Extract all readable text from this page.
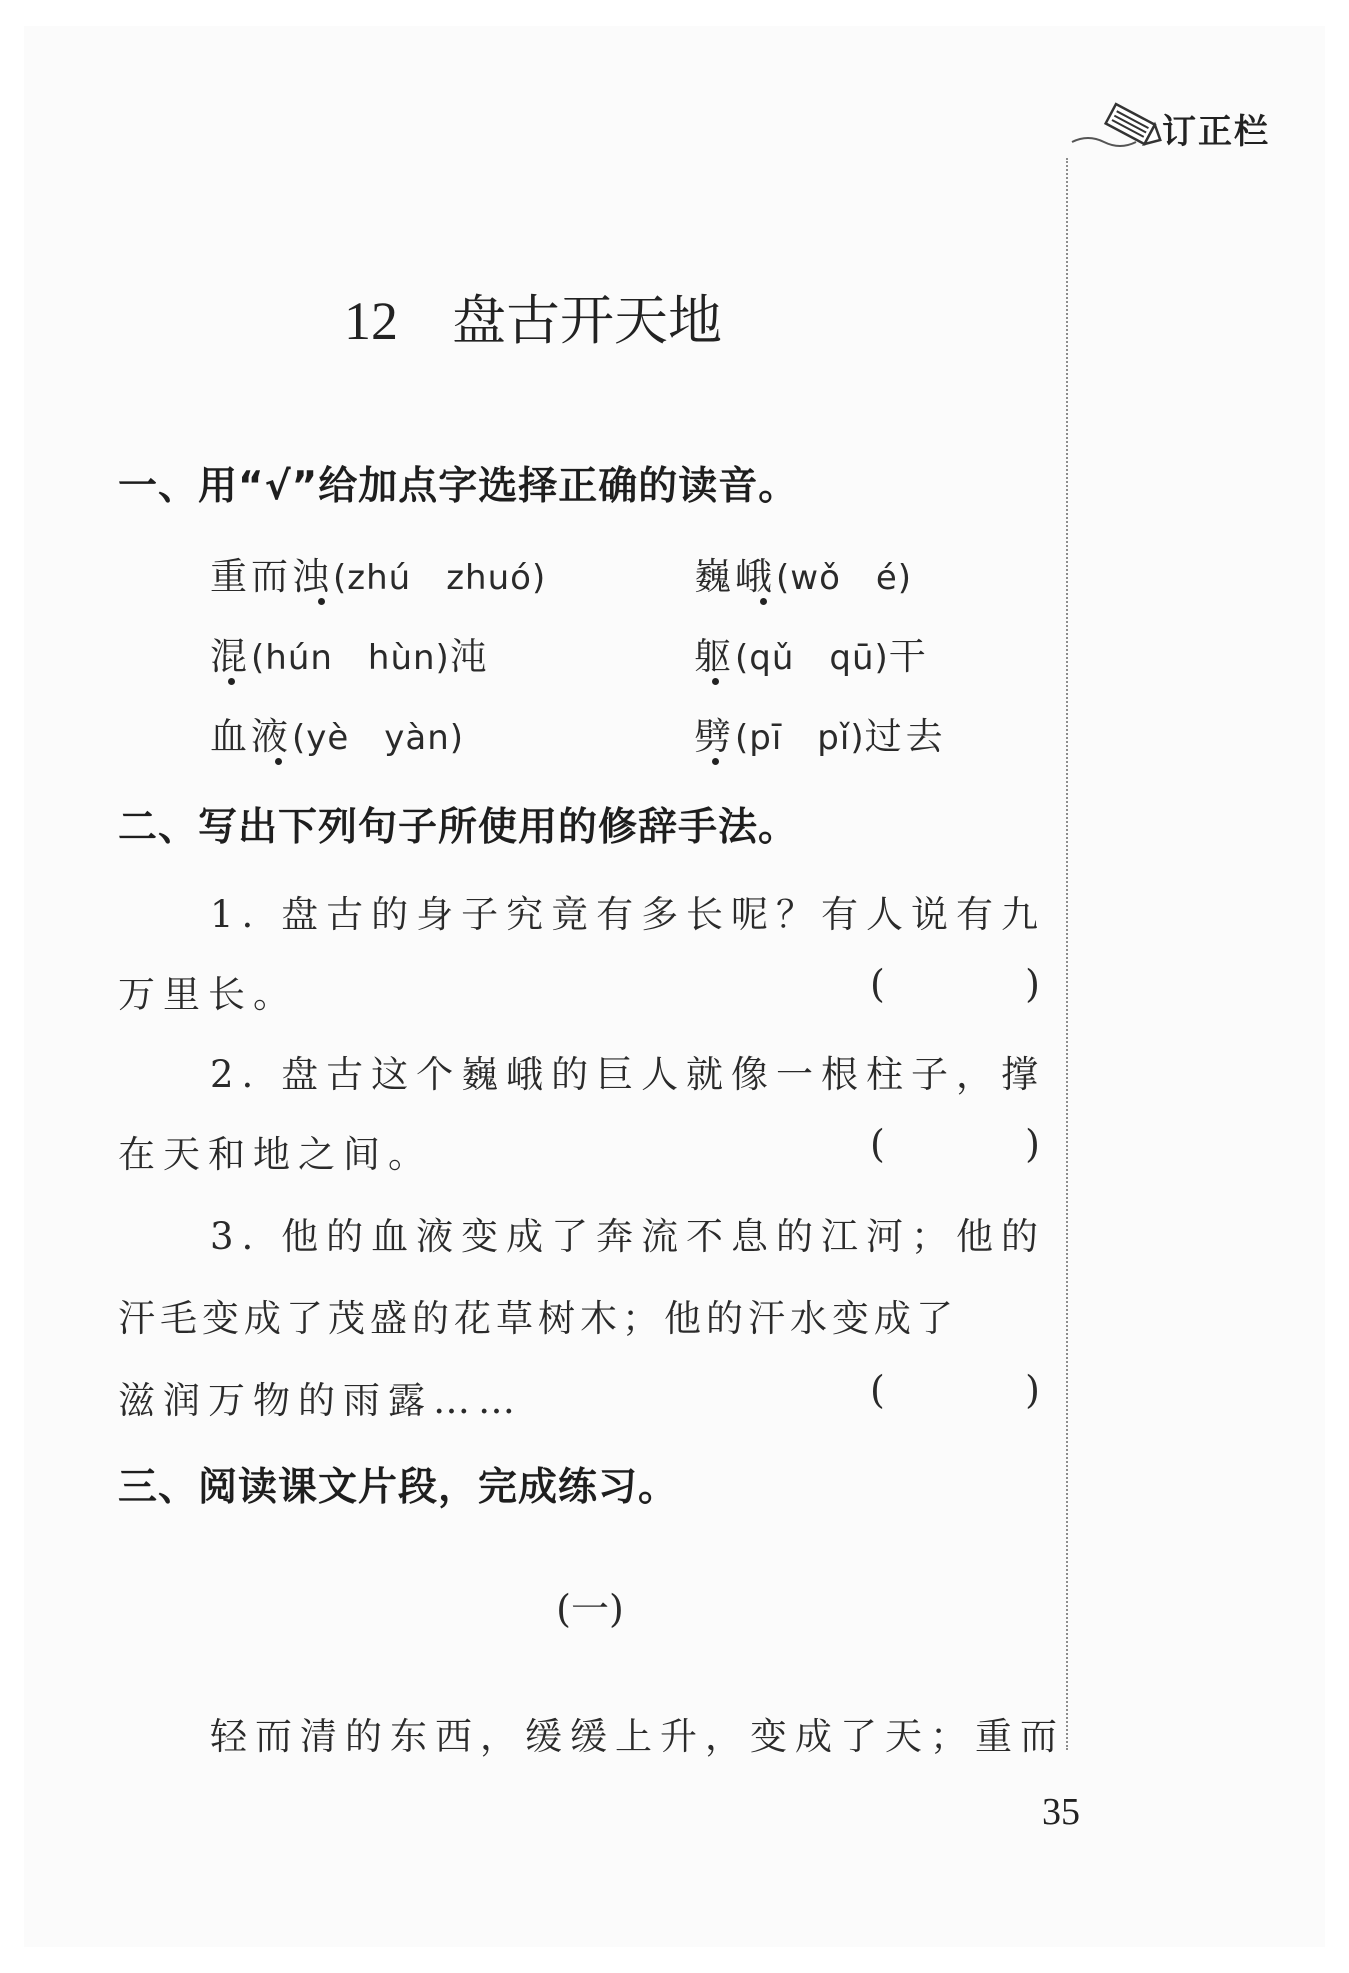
订正栏
12 盘古开天地
一、用“√”给加点字选择正确的读音。
重而浊(zhú　zhuó)	巍峨(wǒ　é)
混(hún　hùn)沌	躯(qǔ　qū)干
血液(yè　yàn)	劈(pī　pǐ)过去
二、写出下列句子所使用的修辞手法。
1. 盘古的身子究竟有多长呢？有人说有九
万里长。	(	)
2. 盘古这个巍峨的巨人就像一根柱子，撑
在天和地之间。	(	)
3. 他的血液变成了奔流不息的江河；他的
汗毛变成了茂盛的花草树木；他的汗水变成了
滋润万物的雨露……	(	)
三、阅读课文片段，完成练习。
(一)
轻而清的东西，缓缓上升，变成了天；重而
35
